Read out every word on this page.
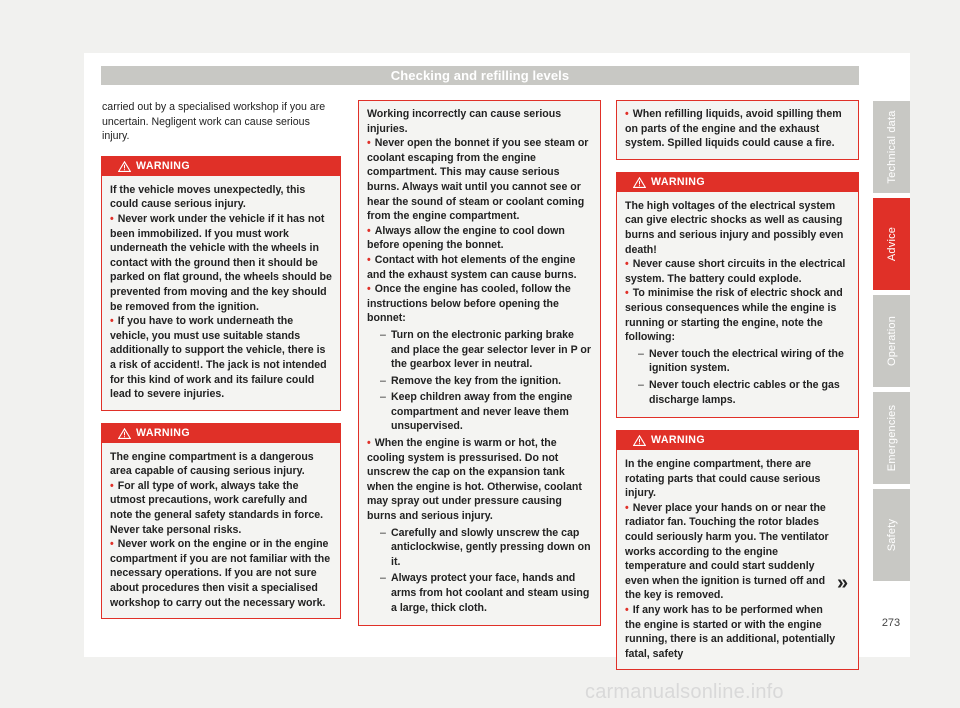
Checking and refilling levels

carried out by a specialised workshop if you are uncertain. Negligent work can cause serious injury.

WARNING

If the vehicle moves unexpectedly, this could cause serious injury.

• Never work under the vehicle if it has not been immobilized. If you must work underneath the vehicle with the wheels in contact with the ground then it should be parked on flat ground, the wheels should be prevented from moving and the key should be removed from the ignition.

• If you have to work underneath the vehicle, you must use suitable stands additionally to support the vehicle, there is a risk of accident!. The jack is not intended for this kind of work and its failure could lead to severe injuries.

WARNING

The engine compartment is a dangerous area capable of causing serious injury.

• For all type of work, always take the utmost precautions, work carefully and note the general safety standards in force. Never take personal risks.

• Never work on the engine or in the engine compartment if you are not familiar with the necessary operations. If you are not sure about procedures then visit a specialised workshop to carry out the necessary work.

Working incorrectly can cause serious injuries.

• Never open the bonnet if you see steam or coolant escaping from the engine compartment. This may cause serious burns. Always wait until you cannot see or hear the sound of steam or coolant coming from the engine compartment.

• Always allow the engine to cool down before opening the bonnet.

• Contact with hot elements of the engine and the exhaust system can cause burns.

• Once the engine has cooled, follow the instructions below before opening the bonnet:

– Turn on the electronic parking brake and place the gear selector lever in P or the gearbox lever in neutral.

– Remove the key from the ignition.

– Keep children away from the engine compartment and never leave them unsupervised.

• When the engine is warm or hot, the cooling system is pressurised. Do not unscrew the cap on the expansion tank when the engine is hot. Otherwise, coolant may spray out under pressure causing burns and serious injury.

– Carefully and slowly unscrew the cap anticlockwise, gently pressing down on it.

– Always protect your face, hands and arms from hot coolant and steam using a large, thick cloth.

• When refilling liquids, avoid spilling them on parts of the engine and the exhaust system. Spilled liquids could cause a fire.

WARNING

The high voltages of the electrical system can give electric shocks as well as causing burns and serious injury and possibly even death!

• Never cause short circuits in the electrical system. The battery could explode.

• To minimise the risk of electric shock and serious consequences while the engine is running or starting the engine, note the following:

– Never touch the electrical wiring of the ignition system.

– Never touch electric cables or the gas discharge lamps.

WARNING

In the engine compartment, there are rotating parts that could cause serious injury.

• Never place your hands on or near the radiator fan. Touching the rotor blades could seriously harm you. The ventilator works according to the engine temperature and could start suddenly even when the ignition is turned off and the key is removed.

• If any work has to be performed when the engine is started or with the engine running, there is an additional, potentially fatal, safety

»
Technical data
Advice
Operation
Emergencies
Safety
273
carmanualsonline.info
